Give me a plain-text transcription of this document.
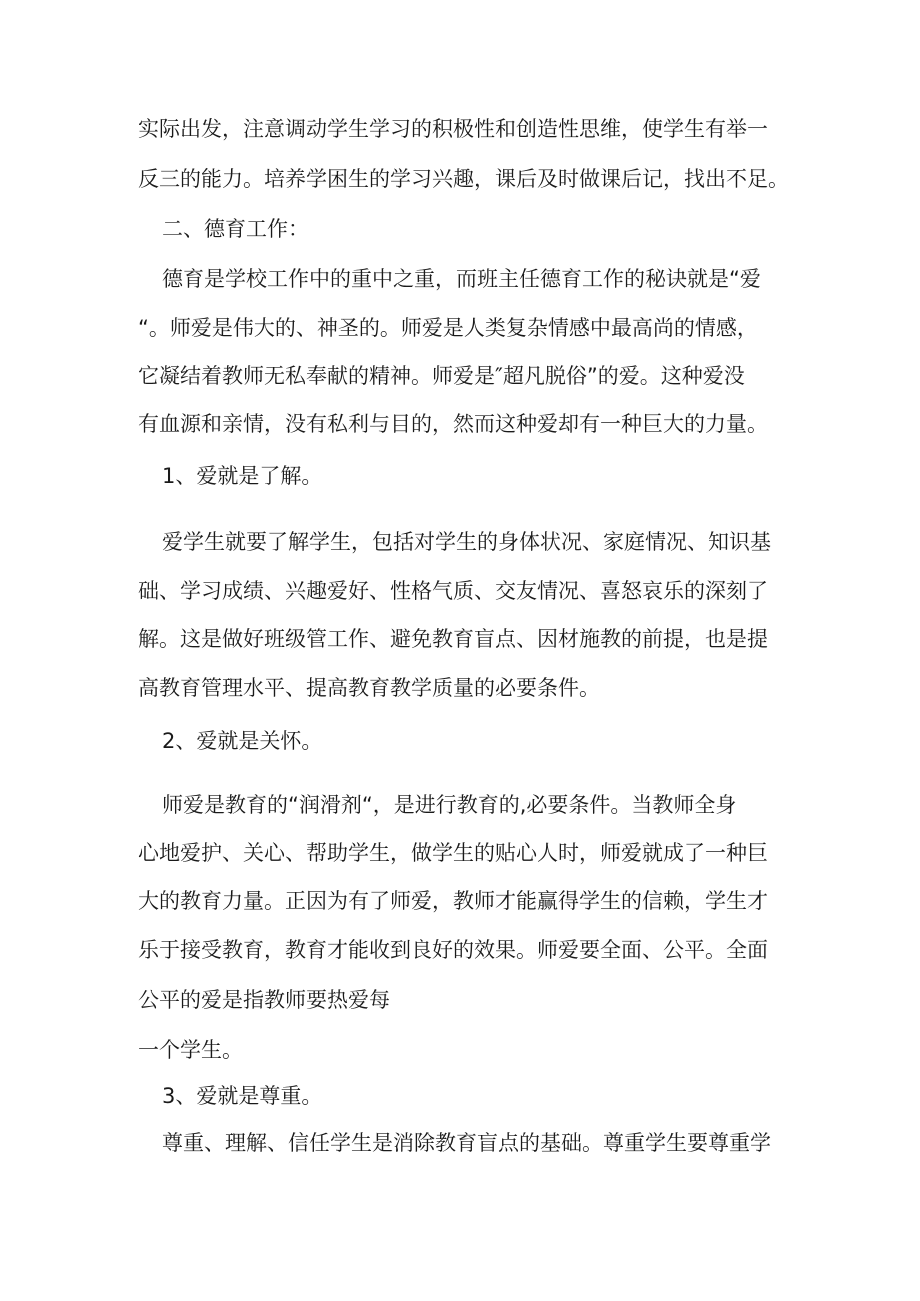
实际出发，注意调动学生学习的积极性和创造性思维，使学生有举一
反三的能力。培养学困生的学习兴趣，课后及时做课后记，找出不足。
二、德育工作：
德育是学校工作中的重中之重，而班主任德育工作的秘诀就是“爱
“。师爱是伟大的、神圣的。师爱是人类复杂情感中最高尚的情感，
它凝结着教师无私奉献的精神。师爱是″超凡脱俗”的爱。这种爱没
有血源和亲情，没有私利与目的，然而这种爱却有一种巨大的力量。
1、爱就是了解。
爱学生就要了解学生，包括对学生的身体状况、家庭情况、知识基
础、学习成绩、兴趣爱好、性格气质、交友情况、喜怒哀乐的深刻了
解。这是做好班级管工作、避免教育盲点、因材施教的前提，也是提
高教育管理水平、提高教育教学质量的必要条件。
2、爱就是关怀。
师爱是教育的“润滑剂“，是进行教育的,必要条件。当教师全身
心地爱护、关心、帮助学生，做学生的贴心人时，师爱就成了一种巨
大的教育力量。正因为有了师爱，教师才能赢得学生的信赖，学生才
乐于接受教育，教育才能收到良好的效果。师爱要全面、公平。全面
公平的爱是指教师要热爱每
一个学生。
3、爱就是尊重。
尊重、理解、信任学生是消除教育盲点的基础。尊重学生要尊重学
